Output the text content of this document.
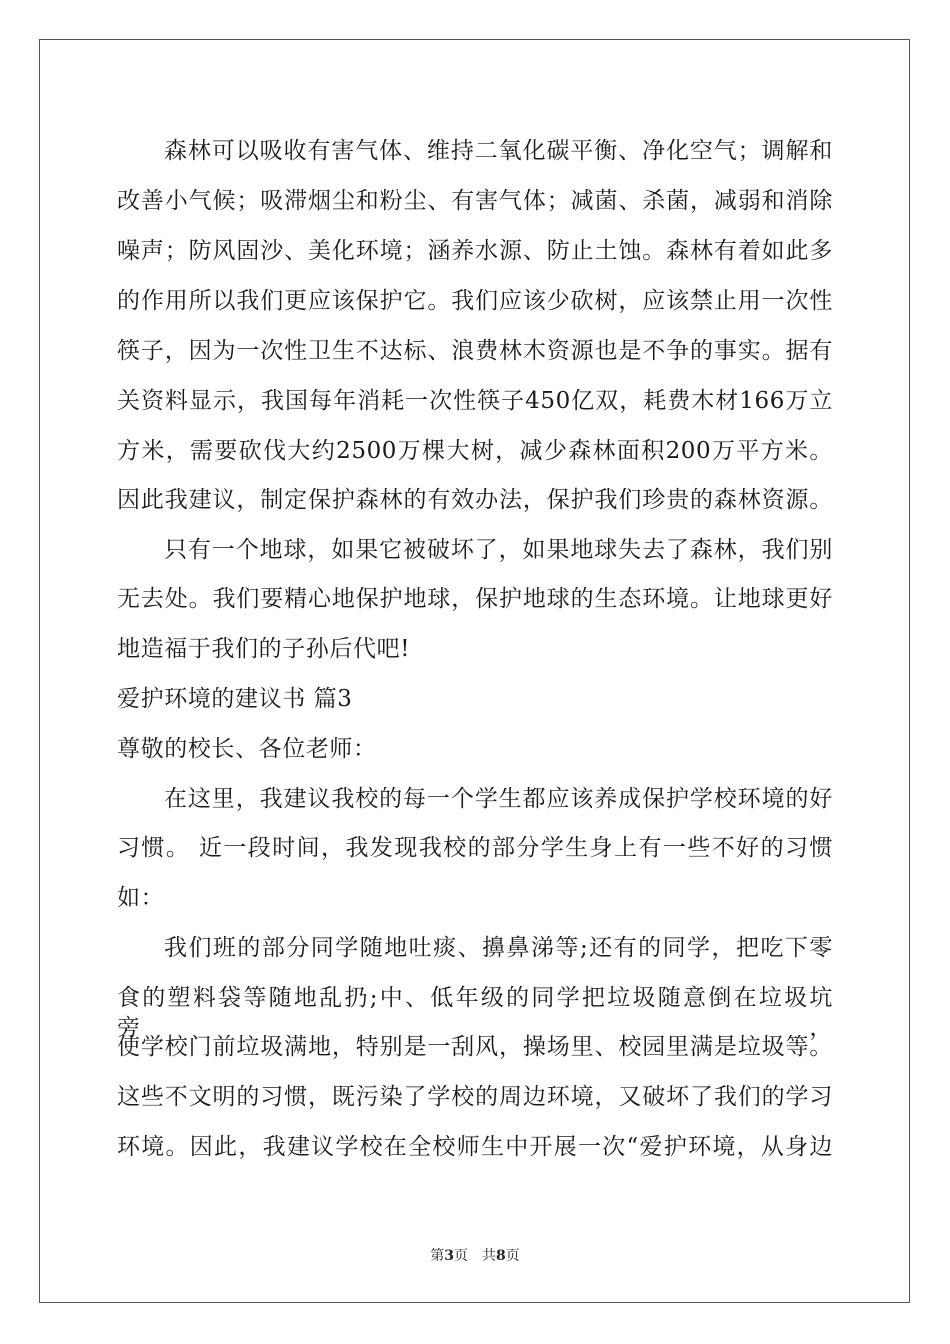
森林可以吸收有害气体、维持二氧化碳平衡、净化空气；调解和
改善小气候；吸滞烟尘和粉尘、有害气体；减菌、杀菌，减弱和消除
噪声；防风固沙、美化环境；涵养水源、防止土蚀。森林有着如此多
的作用所以我们更应该保护它。我们应该少砍树，应该禁止用一次性
筷子，因为一次性卫生不达标、浪费林木资源也是不争的事实。据有
关资料显示，我国每年消耗一次性筷子450亿双，耗费木材166万立
方米，需要砍伐大约2500万棵大树，减少森林面积200万平方米。
因此我建议，制定保护森林的有效办法，保护我们珍贵的森林资源。
只有一个地球，如果它被破坏了，如果地球失去了森林，我们别
无去处。我们要精心地保护地球，保护地球的生态环境。让地球更好
地造福于我们的子孙后代吧!
爱护环境的建议书 篇3
尊敬的校长、各位老师：
在这里，我建议我校的每一个学生都应该养成保护学校环境的好
习惯。 近一段时间，我发现我校的部分学生身上有一些不好的习惯
如：
我们班的部分同学随地吐痰、擤鼻涕等;还有的同学，把吃下零
食的塑料袋等随地乱扔;中、低年级的同学把垃圾随意倒在垃圾坑旁，
使学校门前垃圾满地，特别是一刮风，操场里、校园里满是垃圾等。
这些不文明的习惯，既污染了学校的周边环境，又破坏了我们的学习
环境。因此，我建议学校在全校师生中开展一次“爱护环境，从身边
第3页 共8页
